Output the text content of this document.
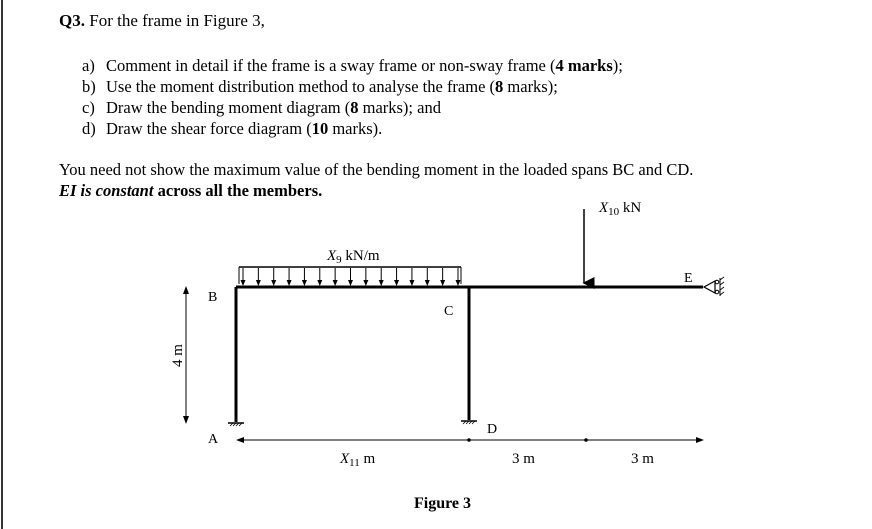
Q3. For the frame in Figure 3,
a) Comment in detail if the frame is a sway frame or non-sway frame (4 marks);
b) Use the moment distribution method to analyse the frame (8 marks);
c) Draw the bending moment diagram (8 marks); and
d) Draw the shear force diagram (10 marks).
You need not show the maximum value of the bending moment in the loaded spans BC and CD.
EI is constant across all the members.
$X_9$ kN/m
$X_{10}$ kN
B
A
C
D
E
4 m
$X_{11}$ m	3 m	3 m
Figure 3
